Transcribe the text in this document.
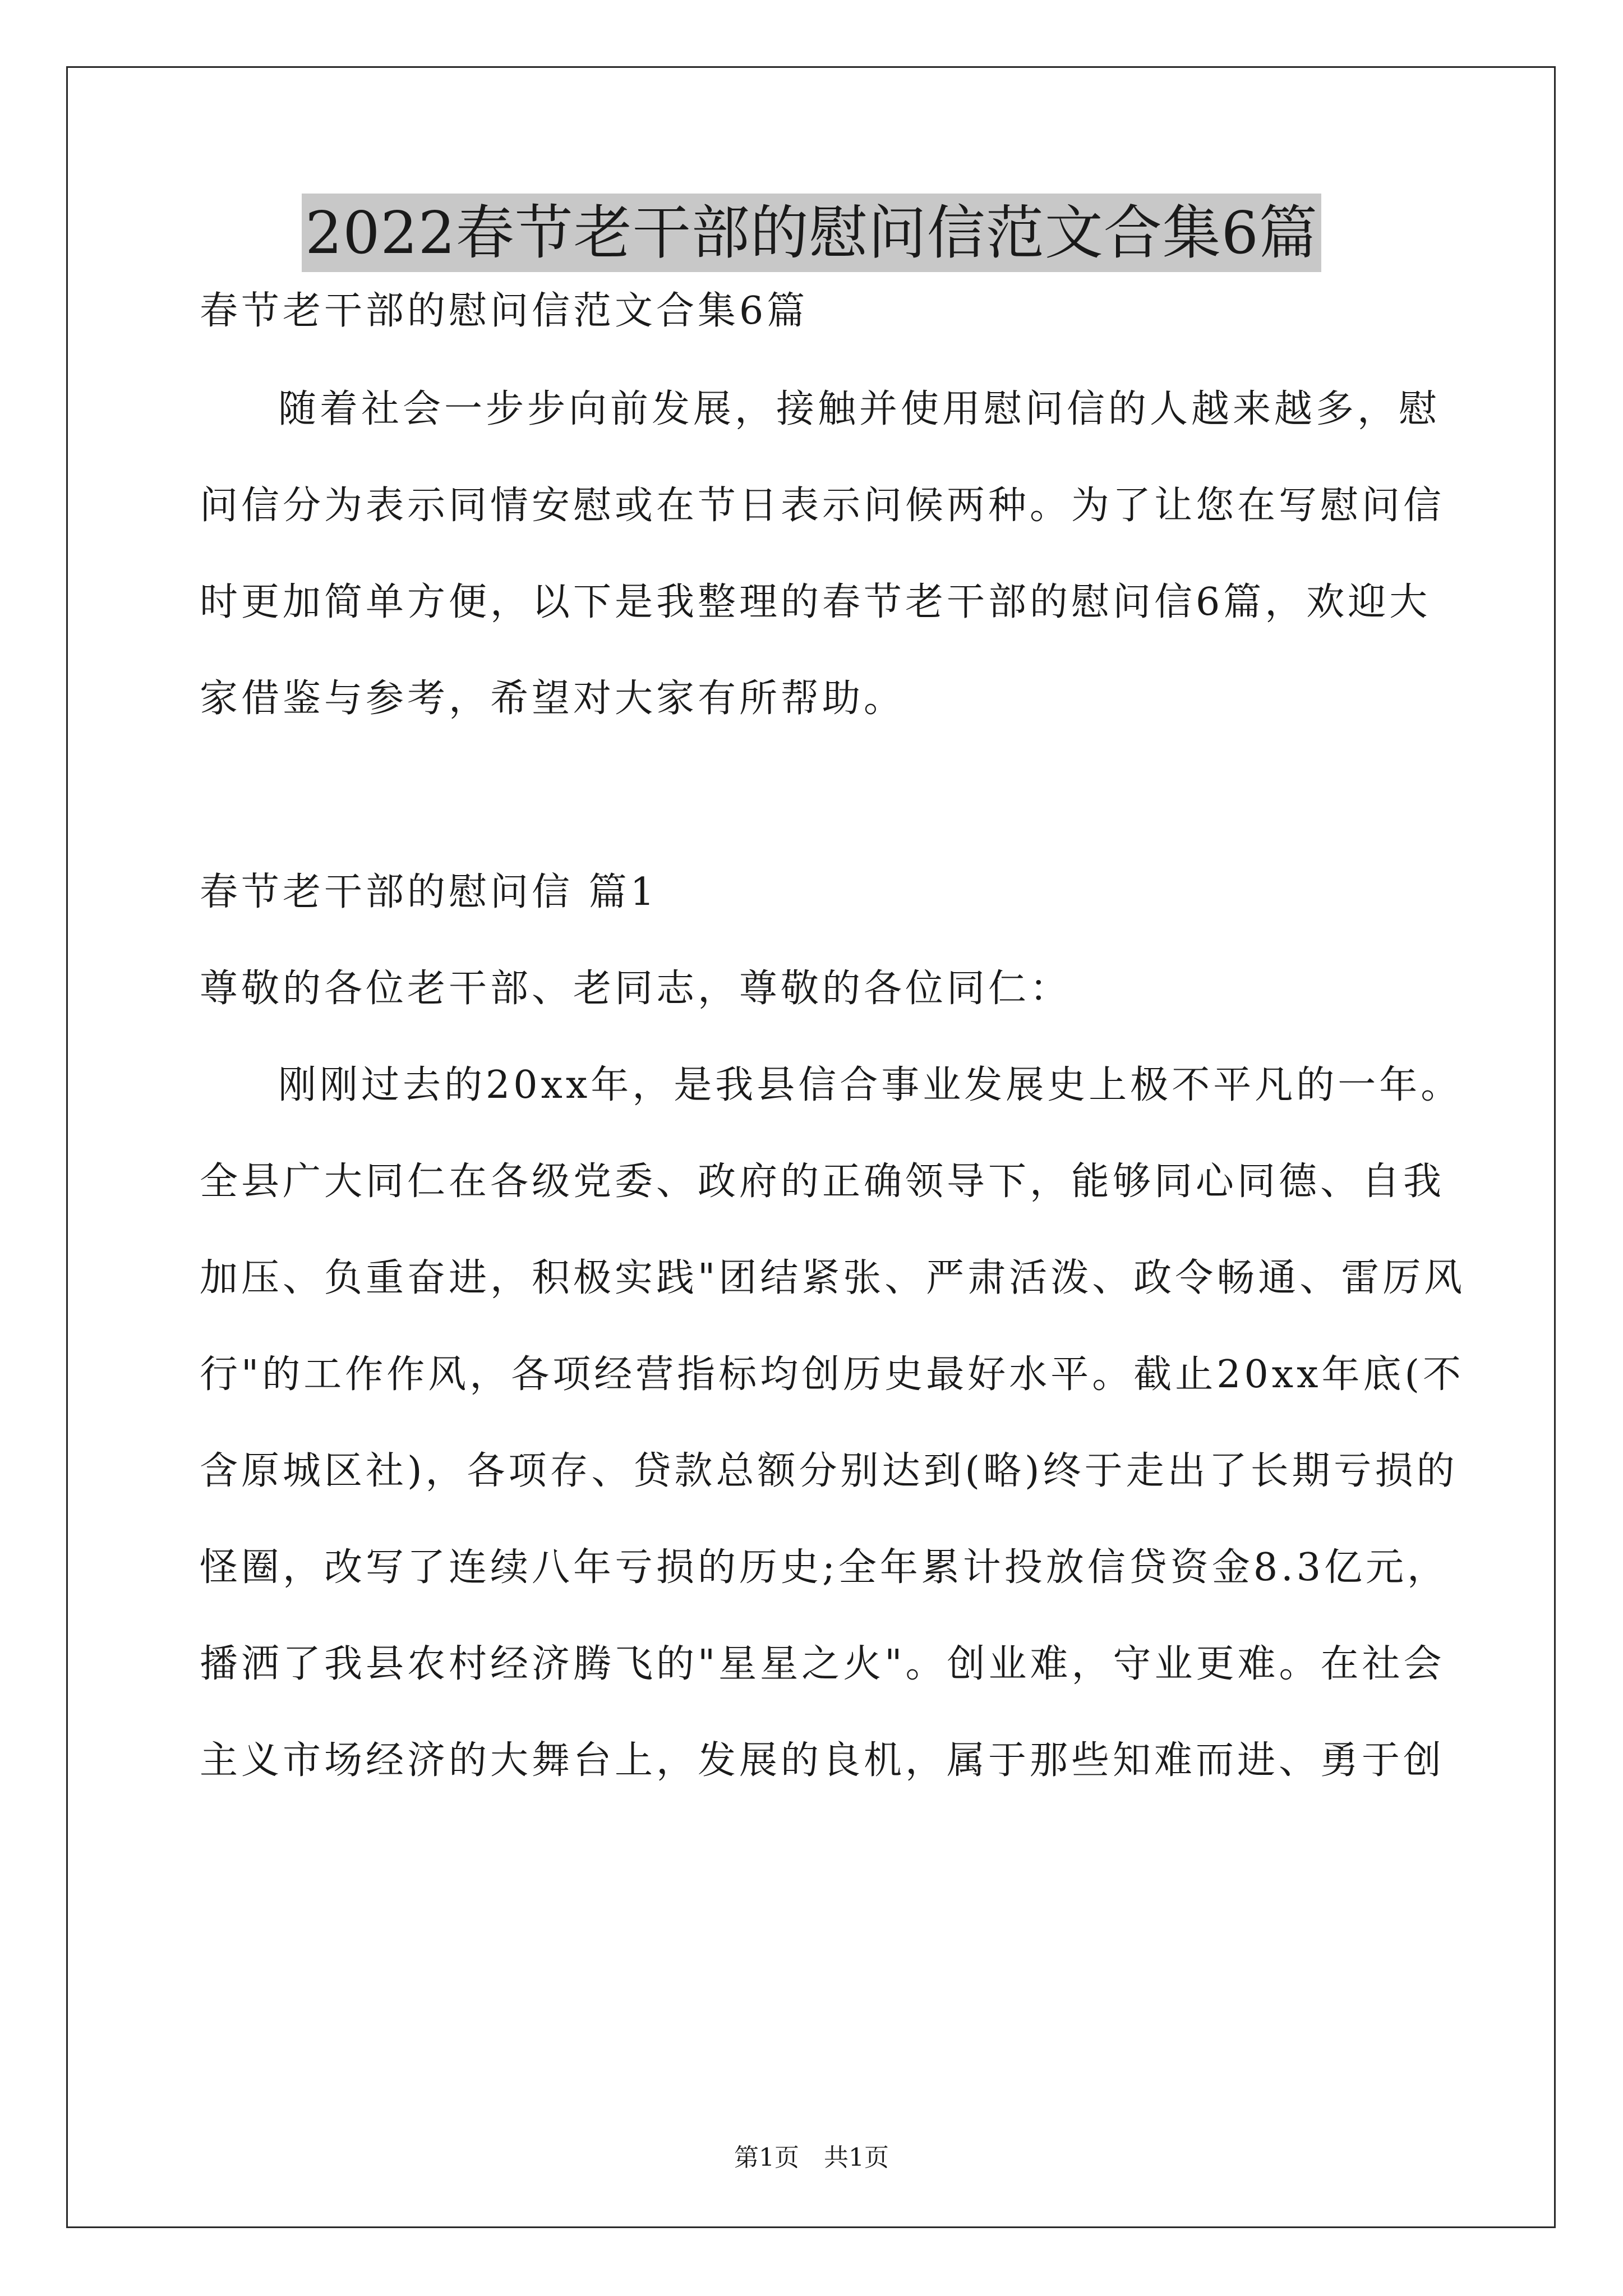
2022春节老干部的慰问信范文合集6篇
春节老干部的慰问信范文合集6篇
随着社会一步步向前发展，接触并使用慰问信的人越来越多，慰
问信分为表示同情安慰或在节日表示问候两种。为了让您在写慰问信
时更加简单方便，以下是我整理的春节老干部的慰问信6篇，欢迎大
家借鉴与参考，希望对大家有所帮助。
春节老干部的慰问信 篇1
尊敬的各位老干部、老同志，尊敬的各位同仁：
刚刚过去的20xx年，是我县信合事业发展史上极不平凡的一年。
全县广大同仁在各级党委、政府的正确领导下，能够同心同德、自我
加压、负重奋进，积极实践"团结紧张、严肃活泼、政令畅通、雷厉风
行"的工作作风，各项经营指标均创历史最好水平。截止20xx年底(不
含原城区社)，各项存、贷款总额分别达到(略)终于走出了长期亏损的
怪圈，改写了连续八年亏损的历史;全年累计投放信贷资金8.3亿元，
播洒了我县农村经济腾飞的"星星之火"。创业难，守业更难。在社会
主义市场经济的大舞台上，发展的良机，属于那些知难而进、勇于创
第1页 共1页
